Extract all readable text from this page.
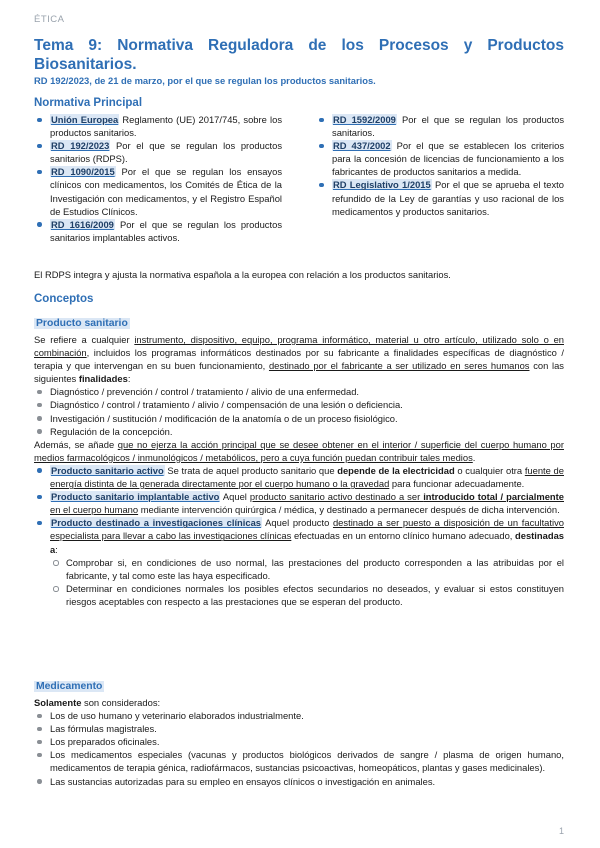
ÉTICA
Tema 9: Normativa Reguladora de los Procesos y Productos Biosanitarios.
RD 192/2023, de 21 de marzo, por el que se regulan los productos sanitarios.
Normativa Principal
Unión Europea Reglamento (UE) 2017/745, sobre los productos sanitarios.
RD 192/2023 Por el que se regulan los productos sanitarios (RDPS).
RD 1090/2015 Por el que se regulan los ensayos clínicos con medicamentos, los Comités de Ética de la Investigación con medicamentos, y el Registro Español de Estudios Clínicos.
RD 1616/2009 Por el que se regulan los productos sanitarios implantables activos.
RD 1592/2009 Por el que se regulan los productos sanitarios.
RD 437/2002 Por el que se establecen los criterios para la concesión de licencias de funcionamiento a los fabricantes de productos sanitarios a medida.
RD Legislativo 1/2015 Por el que se aprueba el texto refundido de la Ley de garantías y uso racional de los medicamentos y productos sanitarios.
El RDPS integra y ajusta la normativa española a la europea con relación a los productos sanitarios.
Conceptos
Producto sanitario
Se refiere a cualquier instrumento, dispositivo, equipo, programa informático, material u otro artículo, utilizado solo o en combinación, incluidos los programas informáticos destinados por su fabricante a finalidades específicas de diagnóstico / terapia y que intervengan en su buen funcionamiento, destinado por el fabricante a ser utilizado en seres humanos con las siguientes finalidades:
Diagnóstico / prevención / control / tratamiento / alivio de una enfermedad.
Diagnóstico / control / tratamiento / alivio / compensación de una lesión o deficiencia.
Investigación / sustitución / modificación de la anatomía o de un proceso fisiológico.
Regulación de la concepción.
Además, se añade que no ejerza la acción principal que se desee obtener en el interior / superficie del cuerpo humano por medios farmacológicos / inmunológicos / metabólicos, pero a cuya función puedan contribuir tales medios.
Producto sanitario activo Se trata de aquel producto sanitario que depende de la electricidad o cualquier otra fuente de energía distinta de la generada directamente por el cuerpo humano o la gravedad para funcionar adecuadamente.
Producto sanitario implantable activo Aquel producto sanitario activo destinado a ser introducido total / parcialmente en el cuerpo humano mediante intervención quirúrgica / médica, y destinado a permanecer después de dicha intervención.
Producto destinado a investigaciones clínicas Aquel producto destinado a ser puesto a disposición de un facultativo especialista para llevar a cabo las investigaciones clínicas efectuadas en un entorno clínico humano adecuado, destinadas a:
Comprobar si, en condiciones de uso normal, las prestaciones del producto corresponden a las atribuidas por el fabricante, y tal como este las haya especificado.
Determinar en condiciones normales los posibles efectos secundarios no deseados, y evaluar si estos constituyen riesgos aceptables con respecto a las prestaciones que se esperan del producto.
Medicamento
Solamente son considerados:
Los de uso humano y veterinario elaborados industrialmente.
Las fórmulas magistrales.
Los preparados oficinales.
Los medicamentos especiales (vacunas y productos biológicos derivados de sangre / plasma de origen humano, medicamentos de terapia génica, radiofármacos, sustancias psicoactivas, homeopáticos, plantas y gases medicinales).
Las sustancias autorizadas para su empleo en ensayos clínicos o investigación en animales.
1
